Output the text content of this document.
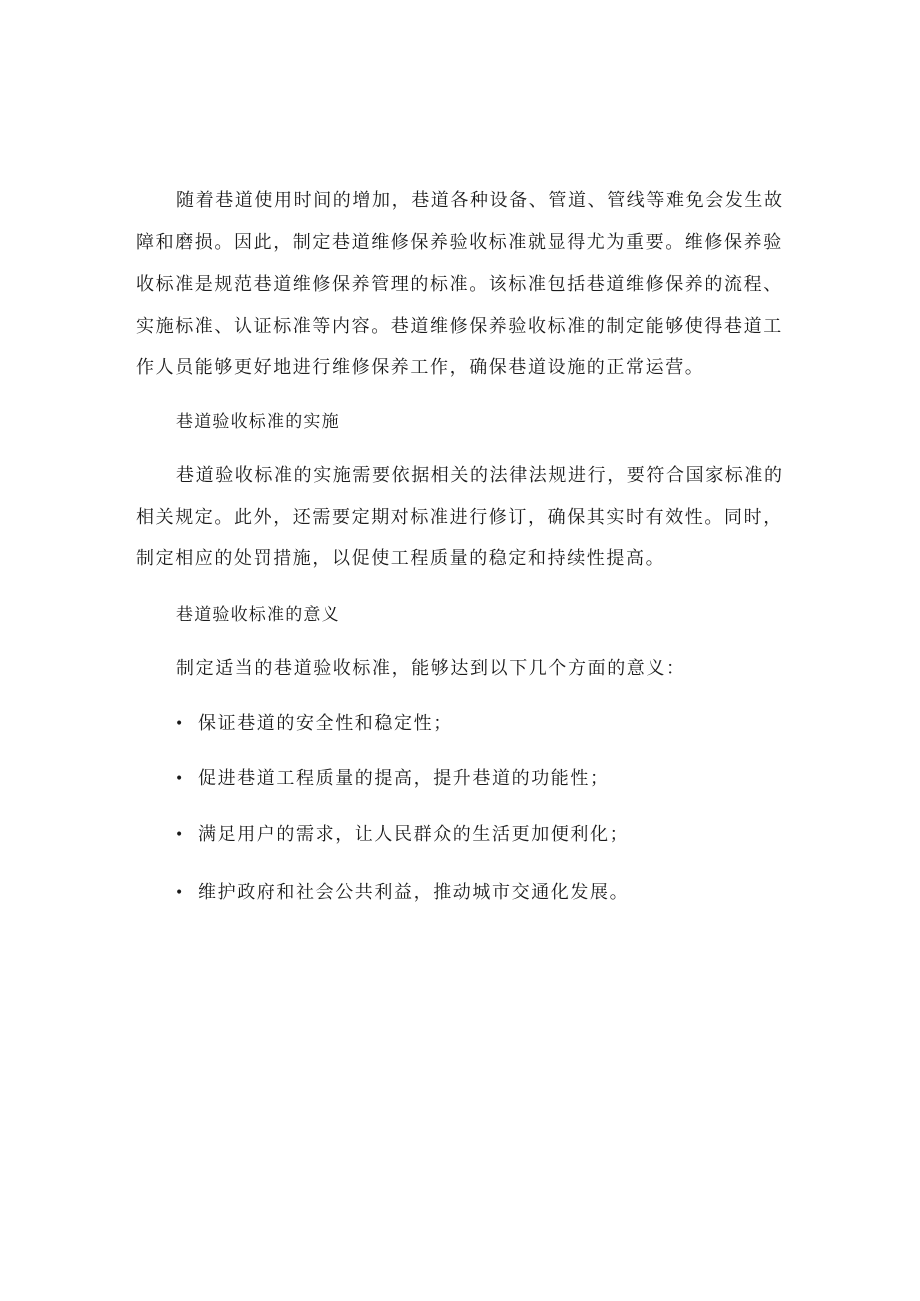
随着巷道使用时间的增加，巷道各种设备、管道、管线等难免会发生故
障和磨损。因此，制定巷道维修保养验收标准就显得尤为重要。维修保养验
收标准是规范巷道维修保养管理的标准。该标准包括巷道维修保养的流程、
实施标准、认证标准等内容。巷道维修保养验收标准的制定能够使得巷道工
作人员能够更好地进行维修保养工作，确保巷道设施的正常运营。
巷道验收标准的实施
巷道验收标准的实施需要依据相关的法律法规进行，要符合国家标准的
相关规定。此外，还需要定期对标准进行修订，确保其实时有效性。同时，
制定相应的处罚措施，以促使工程质量的稳定和持续性提高。
巷道验收标准的意义
制定适当的巷道验收标准，能够达到以下几个方面的意义：
• 保证巷道的安全性和稳定性；
• 促进巷道工程质量的提高，提升巷道的功能性；
• 满足用户的需求，让人民群众的生活更加便利化；
• 维护政府和社会公共利益，推动城市交通化发展。
